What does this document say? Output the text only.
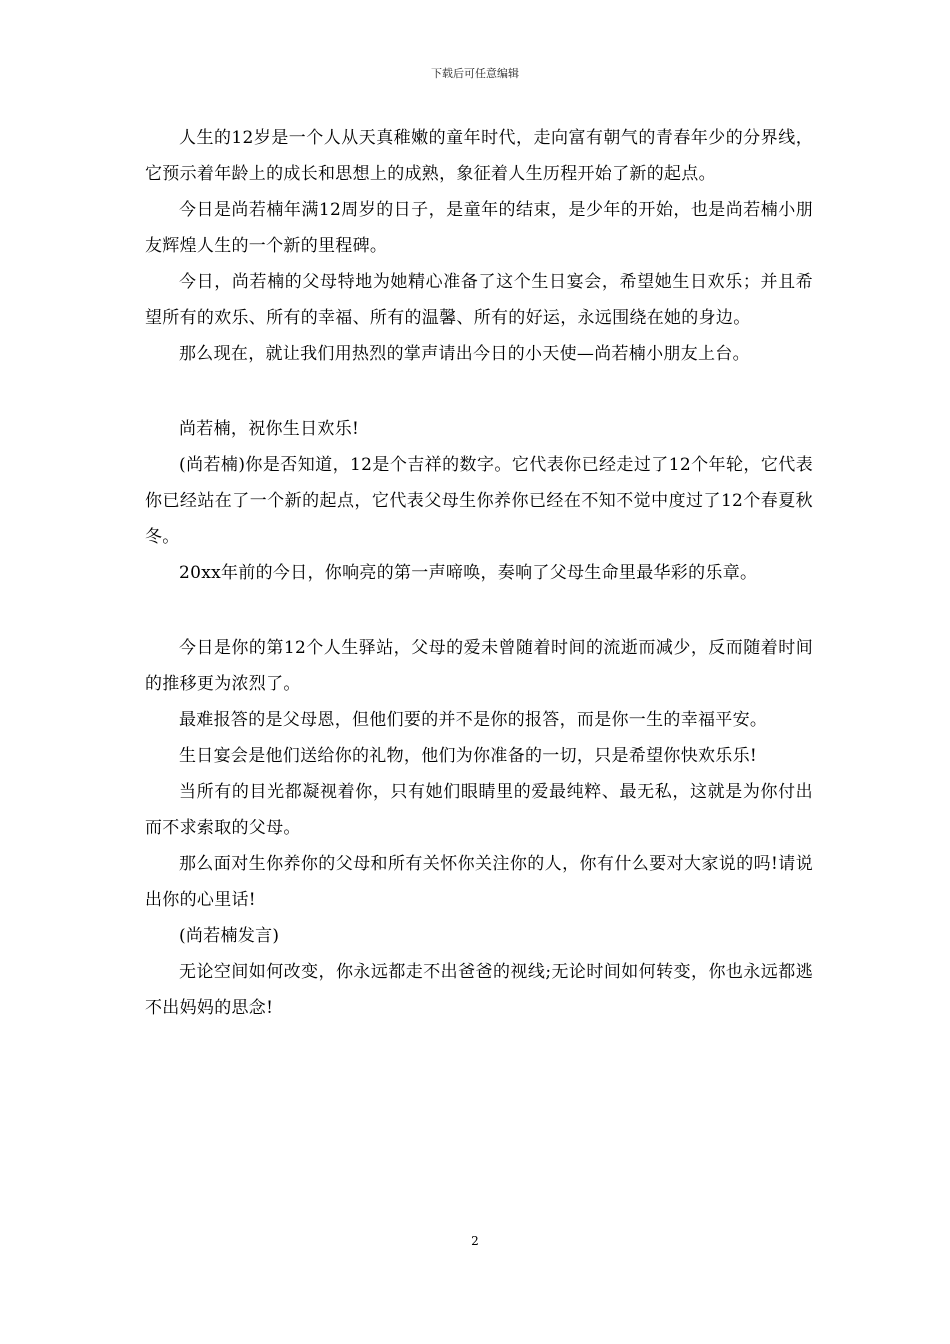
下载后可任意编辑

人生的12岁是一个人从天真稚嫩的童年时代，走向富有朝气的青春年少的分界线，它预示着年龄上的成长和思想上的成熟，象征着人生历程开始了新的起点。

今日是尚若楠年满12周岁的日子，是童年的结束，是少年的开始，也是尚若楠小朋友辉煌人生的一个新的里程碑。

今日，尚若楠的父母特地为她精心准备了这个生日宴会，希望她生日欢乐；并且希望所有的欢乐、所有的幸福、所有的温馨、所有的好运，永远围绕在她的身边。

那么现在，就让我们用热烈的掌声请出今日的小天使—尚若楠小朋友上台。

尚若楠，祝你生日欢乐!

(尚若楠)你是否知道，12是个吉祥的数字。它代表你已经走过了12个年轮，它代表你已经站在了一个新的起点，它代表父母生你养你已经在不知不觉中度过了12个春夏秋冬。

20xx年前的今日，你响亮的第一声啼唤，奏响了父母生命里最华彩的乐章。

今日是你的第12个人生驿站，父母的爱未曾随着时间的流逝而减少，反而随着时间的推移更为浓烈了。

最难报答的是父母恩，但他们要的并不是你的报答，而是你一生的幸福平安。

生日宴会是他们送给你的礼物，他们为你准备的一切，只是希望你快欢乐乐!

当所有的目光都凝视着你，只有她们眼睛里的爱最纯粹、最无私，这就是为你付出而不求索取的父母。

那么面对生你养你的父母和所有关怀你关注你的人，你有什么要对大家说的吗!请说出你的心里话!

(尚若楠发言)

无论空间如何改变，你永远都走不出爸爸的视线;无论时间如何转变，你也永远都逃不出妈妈的思念!

2
